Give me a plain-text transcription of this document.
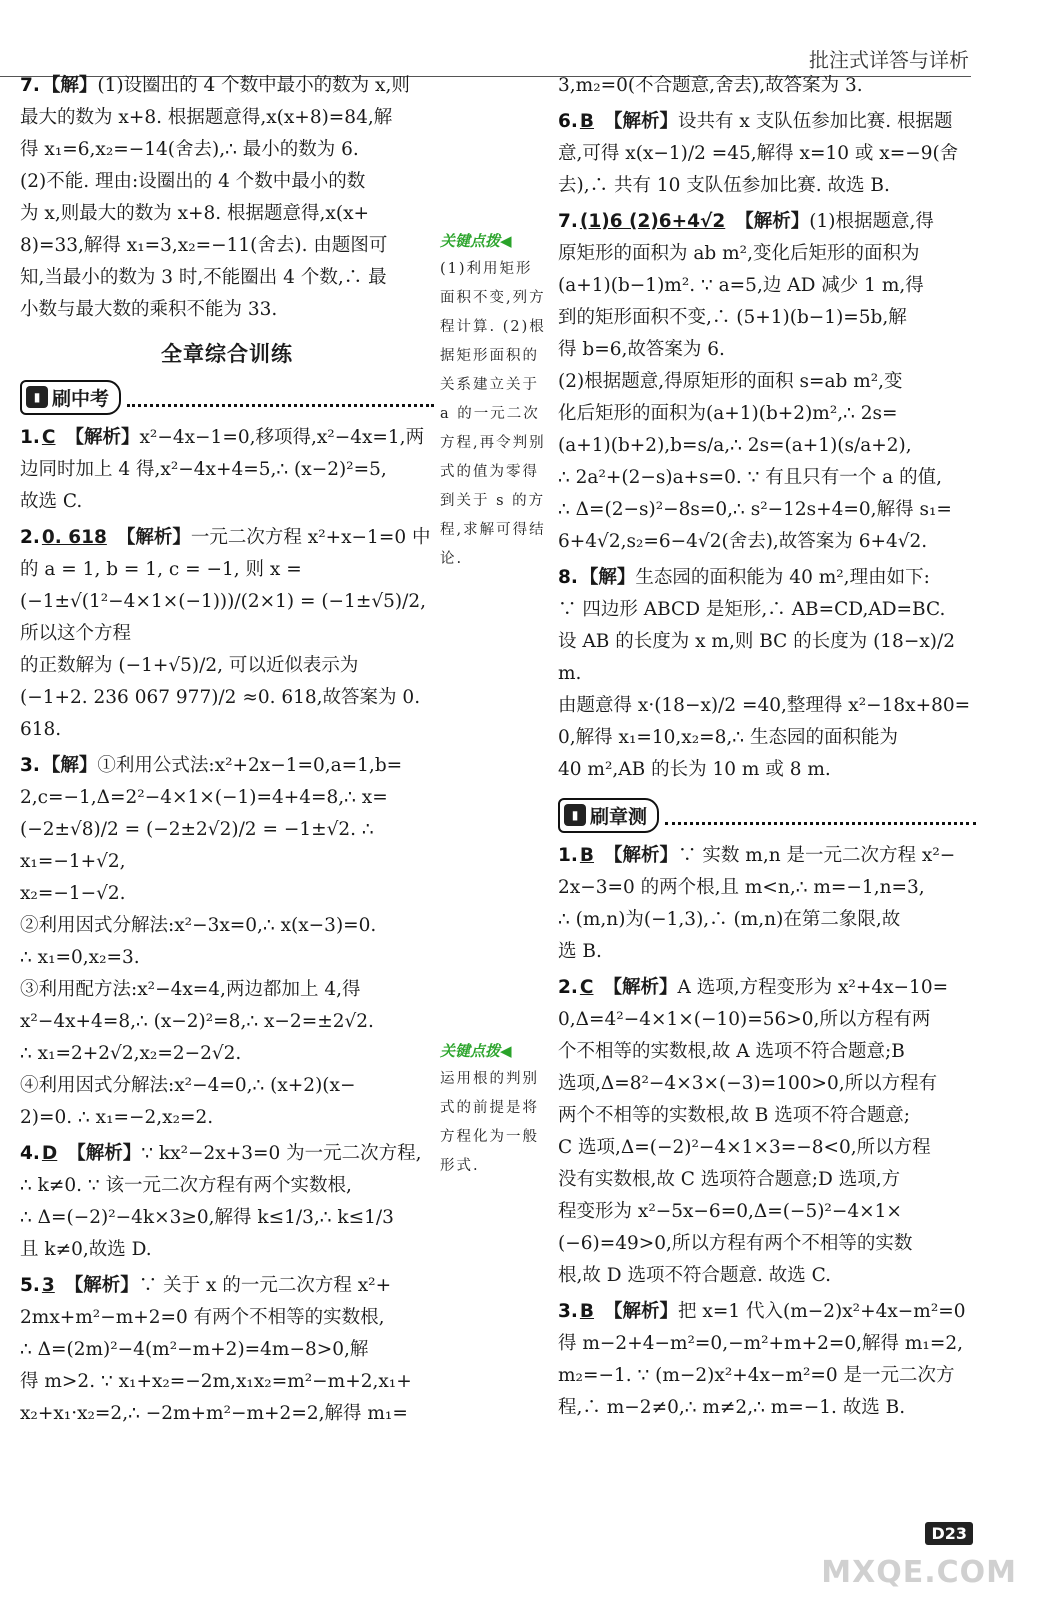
批注式详答与详析
7. 【解】(1)设圈出的 4 个数中最小的数为 x,则
最大的数为 x+8. 根据题意得,x(x+8)=84,解
得 x₁=6,x₂=−14(舍去),∴ 最小的数为 6.
(2)不能. 理由:设圈出的 4 个数中最小的数
为 x,则最大的数为 x+8. 根据题意得,x(x+
8)=33,解得 x₁=3,x₂=−11(舍去). 由题图可
知,当最小的数为 3 时,不能圈出 4 个数,∴ 最
小数与最大数的乘积不能为 33.
全章综合训练
▮ 刷中考
1. C 【解析】x²−4x−1=0,移项得,x²−4x=1,两
边同时加上 4 得,x²−4x+4=5,∴ (x−2)²=5,
故选 C.
2. 0. 618 【解析】一元二次方程 x²+x−1=0 中
的 a = 1, b = 1, c = −1, 则 x =
(−1±√(1²−4×1×(−1)))/(2×1) = (−1±√5)/2,所以这个方程
的正数解为 (−1+√5)/2, 可以近似表示为
(−1+2. 236 067 977)/2 ≈0. 618,故答案为 0. 618.
3. 【解】①利用公式法:x²+2x−1=0,a=1,b=
2,c=−1,Δ=2²−4×1×(−1)=4+4=8,∴ x=
(−2±√8)/2 = (−2±2√2)/2 = −1±√2. ∴ x₁=−1+√2,
x₂=−1−√2.
②利用因式分解法:x²−3x=0,∴ x(x−3)=0.
∴ x₁=0,x₂=3.
③利用配方法:x²−4x=4,两边都加上 4,得
x²−4x+4=8,∴ (x−2)²=8,∴ x−2=±2√2.
∴ x₁=2+2√2,x₂=2−2√2.
④利用因式分解法:x²−4=0,∴ (x+2)(x−
2)=0. ∴ x₁=−2,x₂=2.
4. D 【解析】∵ kx²−2x+3=0 为一元二次方程,
∴ k≠0. ∵ 该一元二次方程有两个实数根,
∴ Δ=(−2)²−4k×3≥0,解得 k≤1/3,∴ k≤1/3
且 k≠0,故选 D.
5. 3 【解析】∵ 关于 x 的一元二次方程 x²+
2mx+m²−m+2=0 有两个不相等的实数根,
∴ Δ=(2m)²−4(m²−m+2)=4m−8>0,解
得 m>2. ∵ x₁+x₂=−2m,x₁x₂=m²−m+2,x₁+
x₂+x₁·x₂=2,∴ −2m+m²−m+2=2,解得 m₁=
关键点拨◀
(1)利用矩形面积不变,列方程计算. (2)根据矩形面积的关系建立关于 a 的一元二次方程,再令判别式的值为零得到关于 s 的方程,求解可得结论.
关键点拨◀
运用根的判别式的前提是将方程化为一般形式.
3,m₂=0(不合题意,舍去),故答案为 3.
6. B 【解析】设共有 x 支队伍参加比赛. 根据题
意,可得 x(x−1)/2 =45,解得 x=10 或 x=−9(舍
去),∴ 共有 10 支队伍参加比赛. 故选 B.
7. (1)6 (2)6+4√2 【解析】(1)根据题意,得
原矩形的面积为 ab m²,变化后矩形的面积为
(a+1)(b−1)m². ∵ a=5,边 AD 减少 1 m,得
到的矩形面积不变,∴ (5+1)(b−1)=5b,解
得 b=6,故答案为 6.
(2)根据题意,得原矩形的面积 s=ab m²,变
化后矩形的面积为(a+1)(b+2)m²,∴ 2s=
(a+1)(b+2),b=s/a,∴ 2s=(a+1)(s/a+2),
∴ 2a²+(2−s)a+s=0. ∵ 有且只有一个 a 的值,
∴ Δ=(2−s)²−8s=0,∴ s²−12s+4=0,解得 s₁=
6+4√2,s₂=6−4√2(舍去),故答案为 6+4√2.
8. 【解】生态园的面积能为 40 m²,理由如下:
∵ 四边形 ABCD 是矩形,∴ AB=CD,AD=BC.
设 AB 的长度为 x m,则 BC 的长度为 (18−x)/2 m.
由题意得 x·(18−x)/2 =40,整理得 x²−18x+80=
0,解得 x₁=10,x₂=8,∴ 生态园的面积能为
40 m²,AB 的长为 10 m 或 8 m.
▮ 刷章测
1. B 【解析】∵ 实数 m,n 是一元二次方程 x²−
2x−3=0 的两个根,且 m<n,∴ m=−1,n=3,
∴ (m,n)为(−1,3),∴ (m,n)在第二象限,故
选 B.
2. C 【解析】A 选项,方程变形为 x²+4x−10=
0,Δ=4²−4×1×(−10)=56>0,所以方程有两
个不相等的实数根,故 A 选项不符合题意;B
选项,Δ=8²−4×3×(−3)=100>0,所以方程有
两个不相等的实数根,故 B 选项不符合题意;
C 选项,Δ=(−2)²−4×1×3=−8<0,所以方程
没有实数根,故 C 选项符合题意;D 选项,方
程变形为 x²−5x−6=0,Δ=(−5)²−4×1×
(−6)=49>0,所以方程有两个不相等的实数
根,故 D 选项不符合题意. 故选 C.
3. B 【解析】把 x=1 代入(m−2)x²+4x−m²=0
得 m−2+4−m²=0,−m²+m+2=0,解得 m₁=2,
m₂=−1. ∵ (m−2)x²+4x−m²=0 是一元二次方
程,∴ m−2≠0,∴ m≠2,∴ m=−1. 故选 B.
D23
MXQE.COM
